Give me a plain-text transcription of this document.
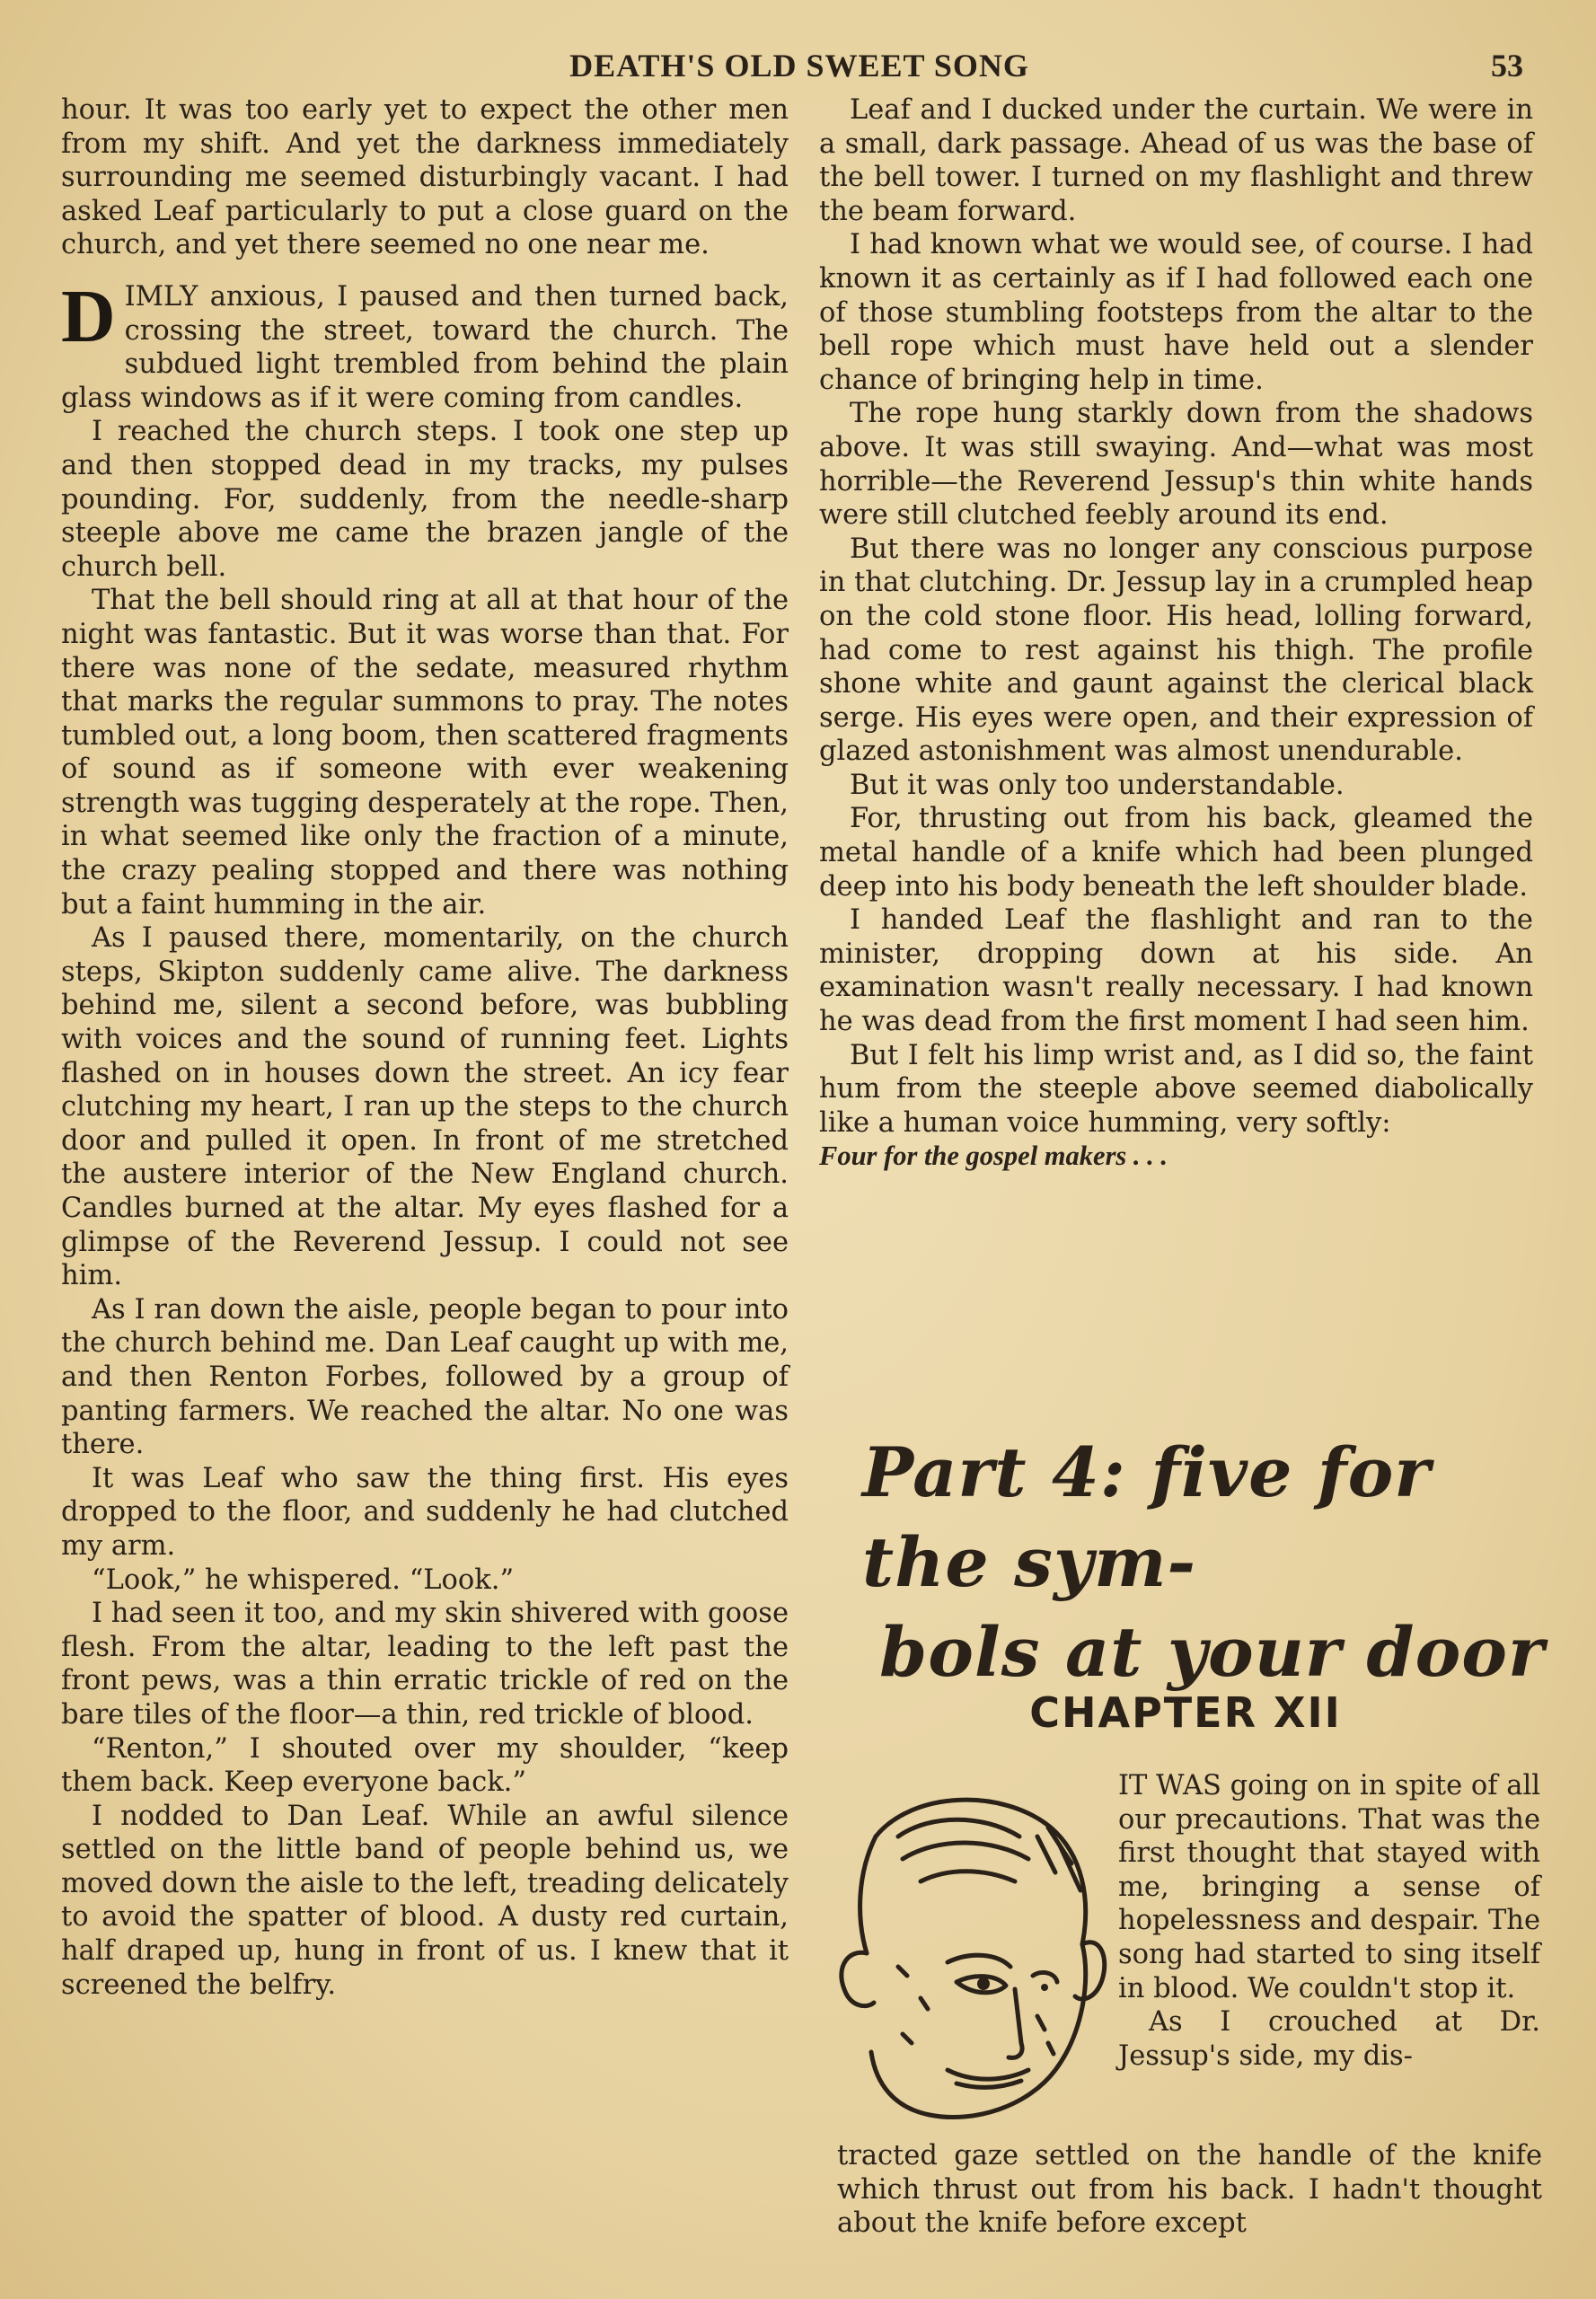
DEATH'S OLD SWEET SONG	53

hour. It was too early yet to expect the other men from my shift. And yet the darkness immediately surrounding me seemed disturbingly vacant. I had asked Leaf particularly to put a close guard on the church, and yet there seemed no one near me.

DIMLY anxious, I paused and then turned back, crossing the street, toward the church. The subdued light trembled from behind the plain glass windows as if it were coming from candles.

I reached the church steps. I took one step up and then stopped dead in my tracks, my pulses pounding. For, suddenly, from the needle-sharp steeple above me came the brazen jangle of the church bell.

That the bell should ring at all at that hour of the night was fantastic. But it was worse than that. For there was none of the sedate, measured rhythm that marks the regular summons to pray. The notes tumbled out, a long boom, then scattered fragments of sound as if someone with ever weakening strength was tugging desperately at the rope. Then, in what seemed like only the fraction of a minute, the crazy pealing stopped and there was nothing but a faint humming in the air.

As I paused there, momentarily, on the church steps, Skipton suddenly came alive. The darkness behind me, silent a second before, was bubbling with voices and the sound of running feet. Lights flashed on in houses down the street. An icy fear clutching my heart, I ran up the steps to the church door and pulled it open. In front of me stretched the austere interior of the New England church. Candles burned at the altar. My eyes flashed for a glimpse of the Reverend Jessup. I could not see him.

As I ran down the aisle, people began to pour into the church behind me. Dan Leaf caught up with me, and then Renton Forbes, followed by a group of panting farmers. We reached the altar. No one was there.

It was Leaf who saw the thing first. His eyes dropped to the floor, and suddenly he had clutched my arm.

“Look,” he whispered. “Look.”

I had seen it too, and my skin shivered with goose flesh. From the altar, leading to the left past the front pews, was a thin erratic trickle of red on the bare tiles of the floor—a thin, red trickle of blood.

“Renton,” I shouted over my shoulder, “keep them back. Keep everyone back.”

I nodded to Dan Leaf. While an awful silence settled on the little band of people behind us, we moved down the aisle to the left, treading delicately to avoid the spatter of blood. A dusty red curtain, half draped up, hung in front of us. I knew that it screened the belfry.

Leaf and I ducked under the curtain. We were in a small, dark passage. Ahead of us was the base of the bell tower. I turned on my flashlight and threw the beam forward.

I had known what we would see, of course. I had known it as certainly as if I had followed each one of those stumbling footsteps from the altar to the bell rope which must have held out a slender chance of bringing help in time.

The rope hung starkly down from the shadows above. It was still swaying. And—what was most horrible—the Reverend Jessup's thin white hands were still clutched feebly around its end.

But there was no longer any conscious purpose in that clutching. Dr. Jessup lay in a crumpled heap on the cold stone floor. His head, lolling forward, had come to rest against his thigh. The profile shone white and gaunt against the clerical black serge. His eyes were open, and their expression of glazed astonishment was almost unendurable.

But it was only too understandable.

For, thrusting out from his back, gleamed the metal handle of a knife which had been plunged deep into his body beneath the left shoulder blade.

I handed Leaf the flashlight and ran to the minister, dropping down at his side. An examination wasn't really necessary. I had known he was dead from the first moment I had seen him.

But I felt his limp wrist and, as I did so, the faint hum from the steeple above seemed diabolically like a human voice humming, very softly:

Four for the gospel makers . . .

Part 4: five for the sym-
bols at your door
CHAPTER XII

IT WAS going on in spite of all our precautions. That was the first thought that stayed with me, bringing a sense of hopelessness and despair. The song had started to sing itself in blood. We couldn't stop it.

As I crouched at Dr. Jessup's side, my dis-

tracted gaze settled on the handle of the knife which thrust out from his back. I hadn't thought about the knife before except
